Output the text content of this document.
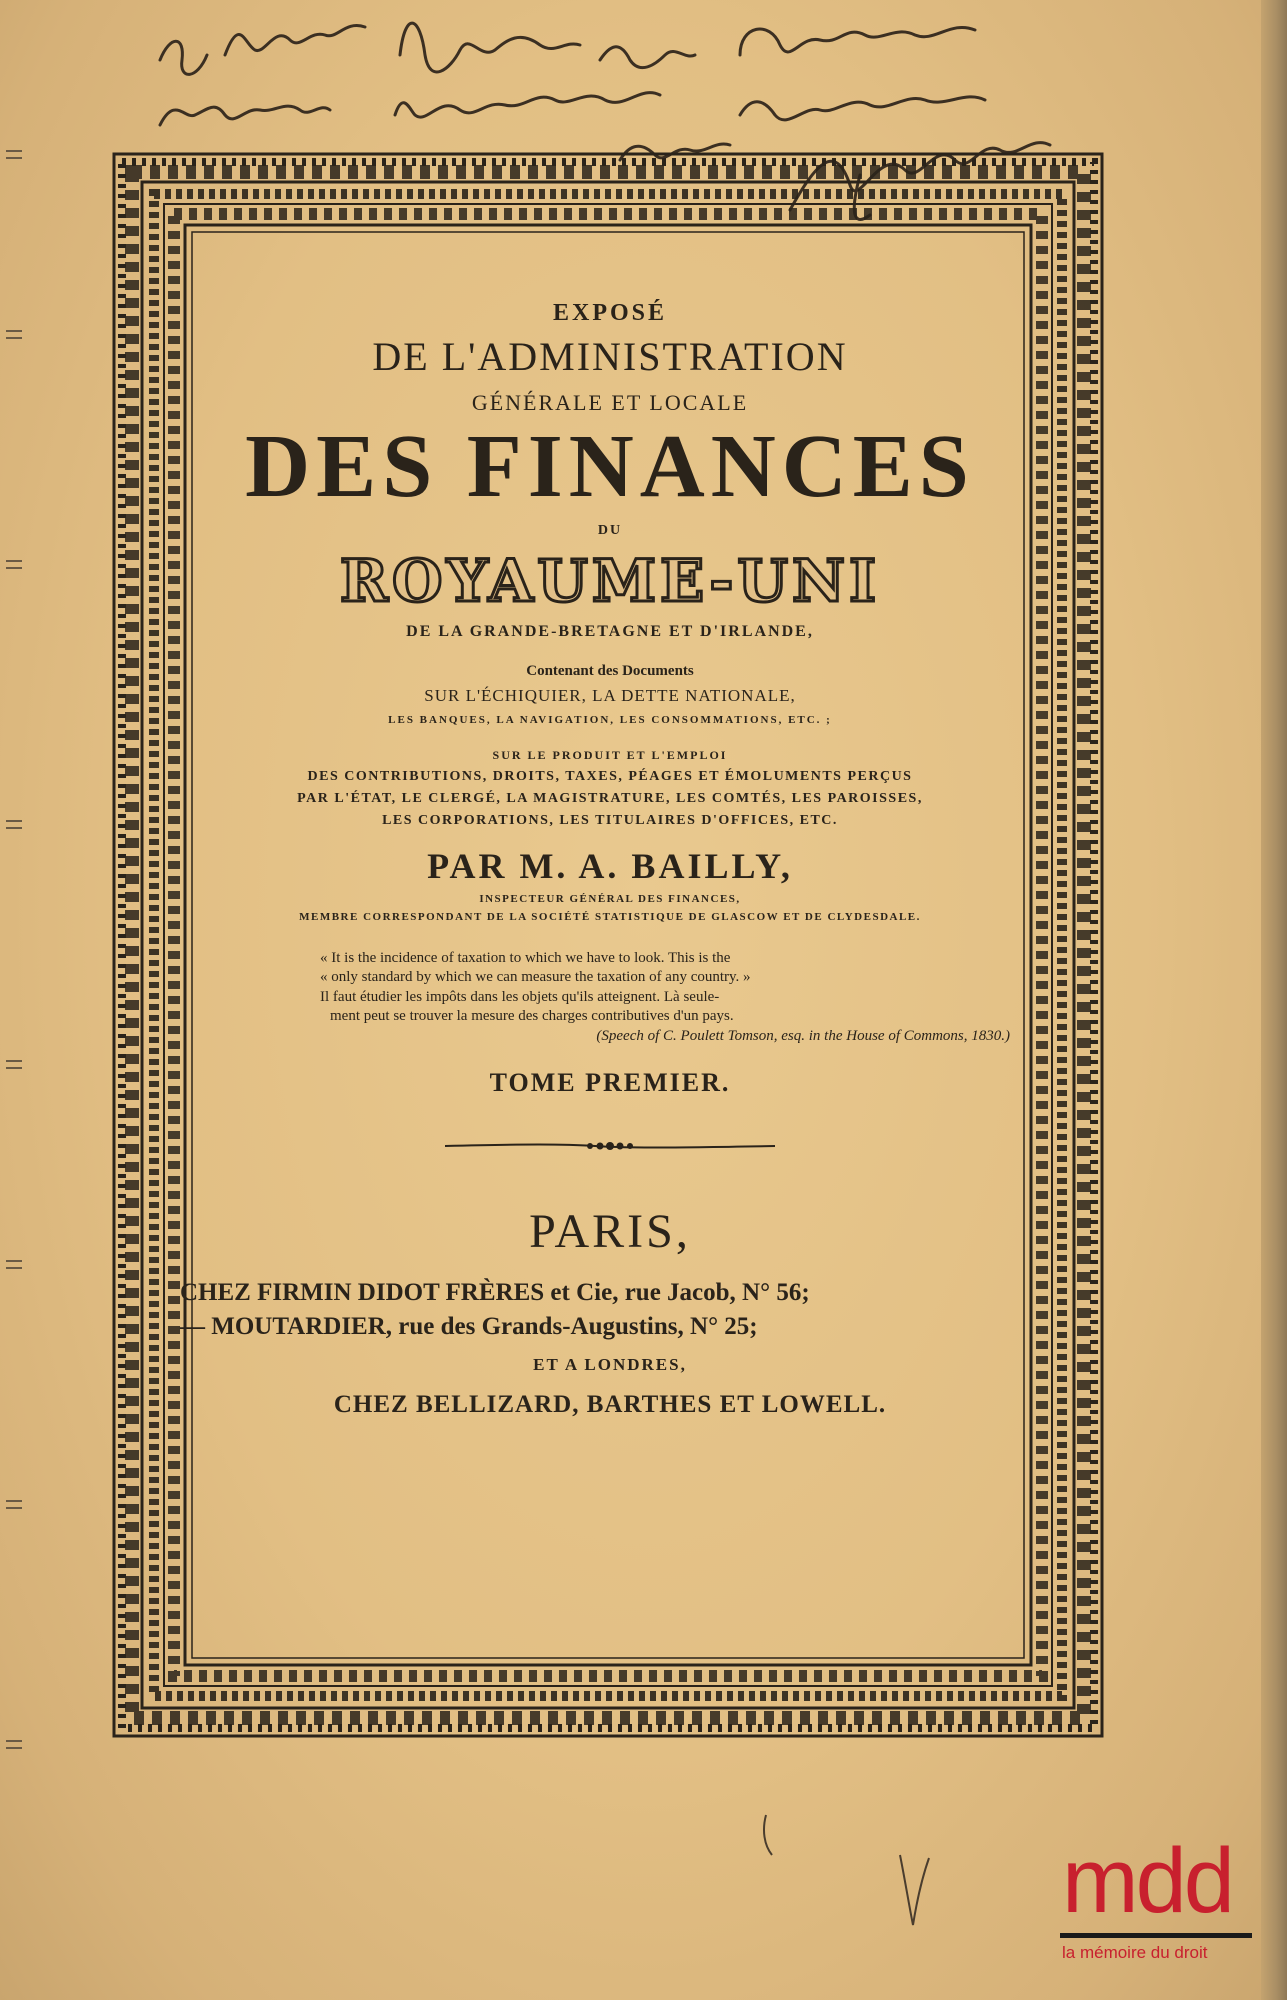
EXPOSÉ
DE L'ADMINISTRATION
GÉNÉRALE ET LOCALE
DES FINANCES
DU
ROYAUME-UNI
DE LA GRANDE-BRETAGNE ET D'IRLANDE,
Contenant des Documents
SUR L'ÉCHIQUIER, LA DETTE NATIONALE,
LES BANQUES, LA NAVIGATION, LES CONSOMMATIONS, ETC. ;
SUR LE PRODUIT ET L'EMPLOI
DES CONTRIBUTIONS, DROITS, TAXES, PÉAGES ET ÉMOLUMENTS PERÇUS
PAR L'ÉTAT, LE CLERGÉ, LA MAGISTRATURE, LES COMTÉS, LES PAROISSES,
LES CORPORATIONS, LES TITULAIRES D'OFFICES, ETC.
PAR M. A. BAILLY,
INSPECTEUR GÉNÉRAL DES FINANCES,
MEMBRE CORRESPONDANT DE LA SOCIÉTÉ STATISTIQUE DE GLASCOW ET DE CLYDESDALE.
« It is the incidence of taxation to which we have to look. This is the
« only standard by which we can measure the taxation of any country. »
Il faut étudier les impôts dans les objets qu'ils atteignent. Là seule-
ment peut se trouver la mesure des charges contributives d'un pays.
(Speech of C. Poulett Tomson, esq. in the House of Commons, 1830.)
TOME PREMIER.
PARIS,
CHEZ FIRMIN DIDOT FRÈRES et Cie, rue Jacob, N° 56;
— MOUTARDIER, rue des Grands-Augustins, N° 25;
ET A LONDRES,
CHEZ BELLIZARD, BARTHES ET LOWELL.
mdd
la mémoire du droit
